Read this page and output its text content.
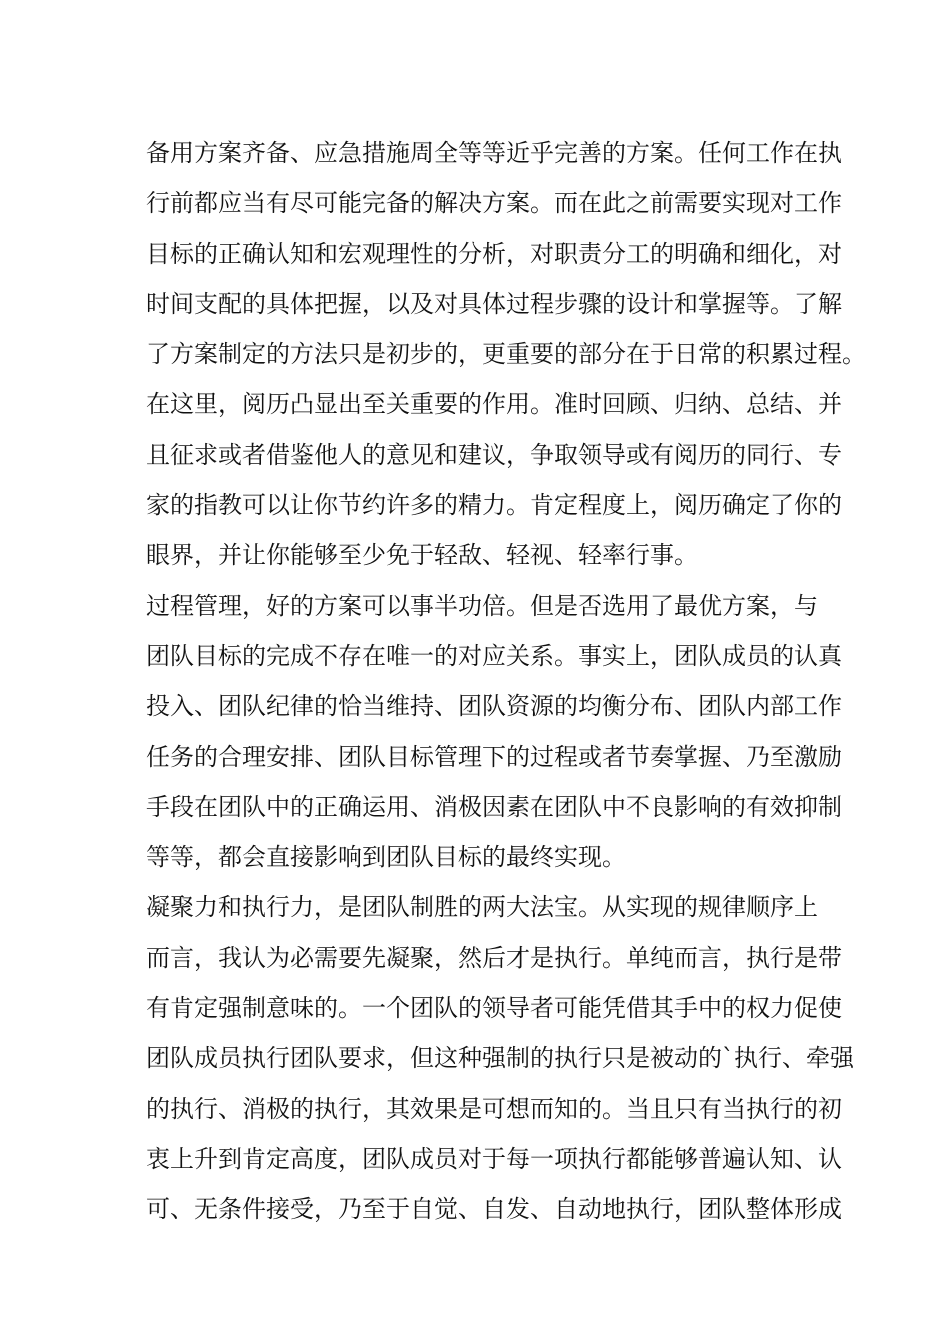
备用方案齐备、应急措施周全等等近乎完善的方案。任何工作在执
行前都应当有尽可能完备的解决方案。而在此之前需要实现对工作
目标的正确认知和宏观理性的分析，对职责分工的明确和细化，对
时间支配的具体把握，以及对具体过程步骤的设计和掌握等。了解
了方案制定的方法只是初步的，更重要的部分在于日常的积累过程。
在这里，阅历凸显出至关重要的作用。准时回顾、归纳、总结、并
且征求或者借鉴他人的意见和建议，争取领导或有阅历的同行、专
家的指教可以让你节约许多的精力。肯定程度上，阅历确定了你的
眼界，并让你能够至少免于轻敌、轻视、轻率行事。
过程管理，好的方案可以事半功倍。但是否选用了最优方案，与
团队目标的完成不存在唯一的对应关系。事实上，团队成员的认真
投入、团队纪律的恰当维持、团队资源的均衡分布、团队内部工作
任务的合理安排、团队目标管理下的过程或者节奏掌握、乃至激励
手段在团队中的正确运用、消极因素在团队中不良影响的有效抑制
等等，都会直接影响到团队目标的最终实现。
凝聚力和执行力，是团队制胜的两大法宝。从实现的规律顺序上
而言，我认为必需要先凝聚，然后才是执行。单纯而言，执行是带
有肯定强制意味的。一个团队的领导者可能凭借其手中的权力促使
团队成员执行团队要求，但这种强制的执行只是被动的`执行、牵强
的执行、消极的执行，其效果是可想而知的。当且只有当执行的初
衷上升到肯定高度，团队成员对于每一项执行都能够普遍认知、认
可、无条件接受，乃至于自觉、自发、自动地执行，团队整体形成
